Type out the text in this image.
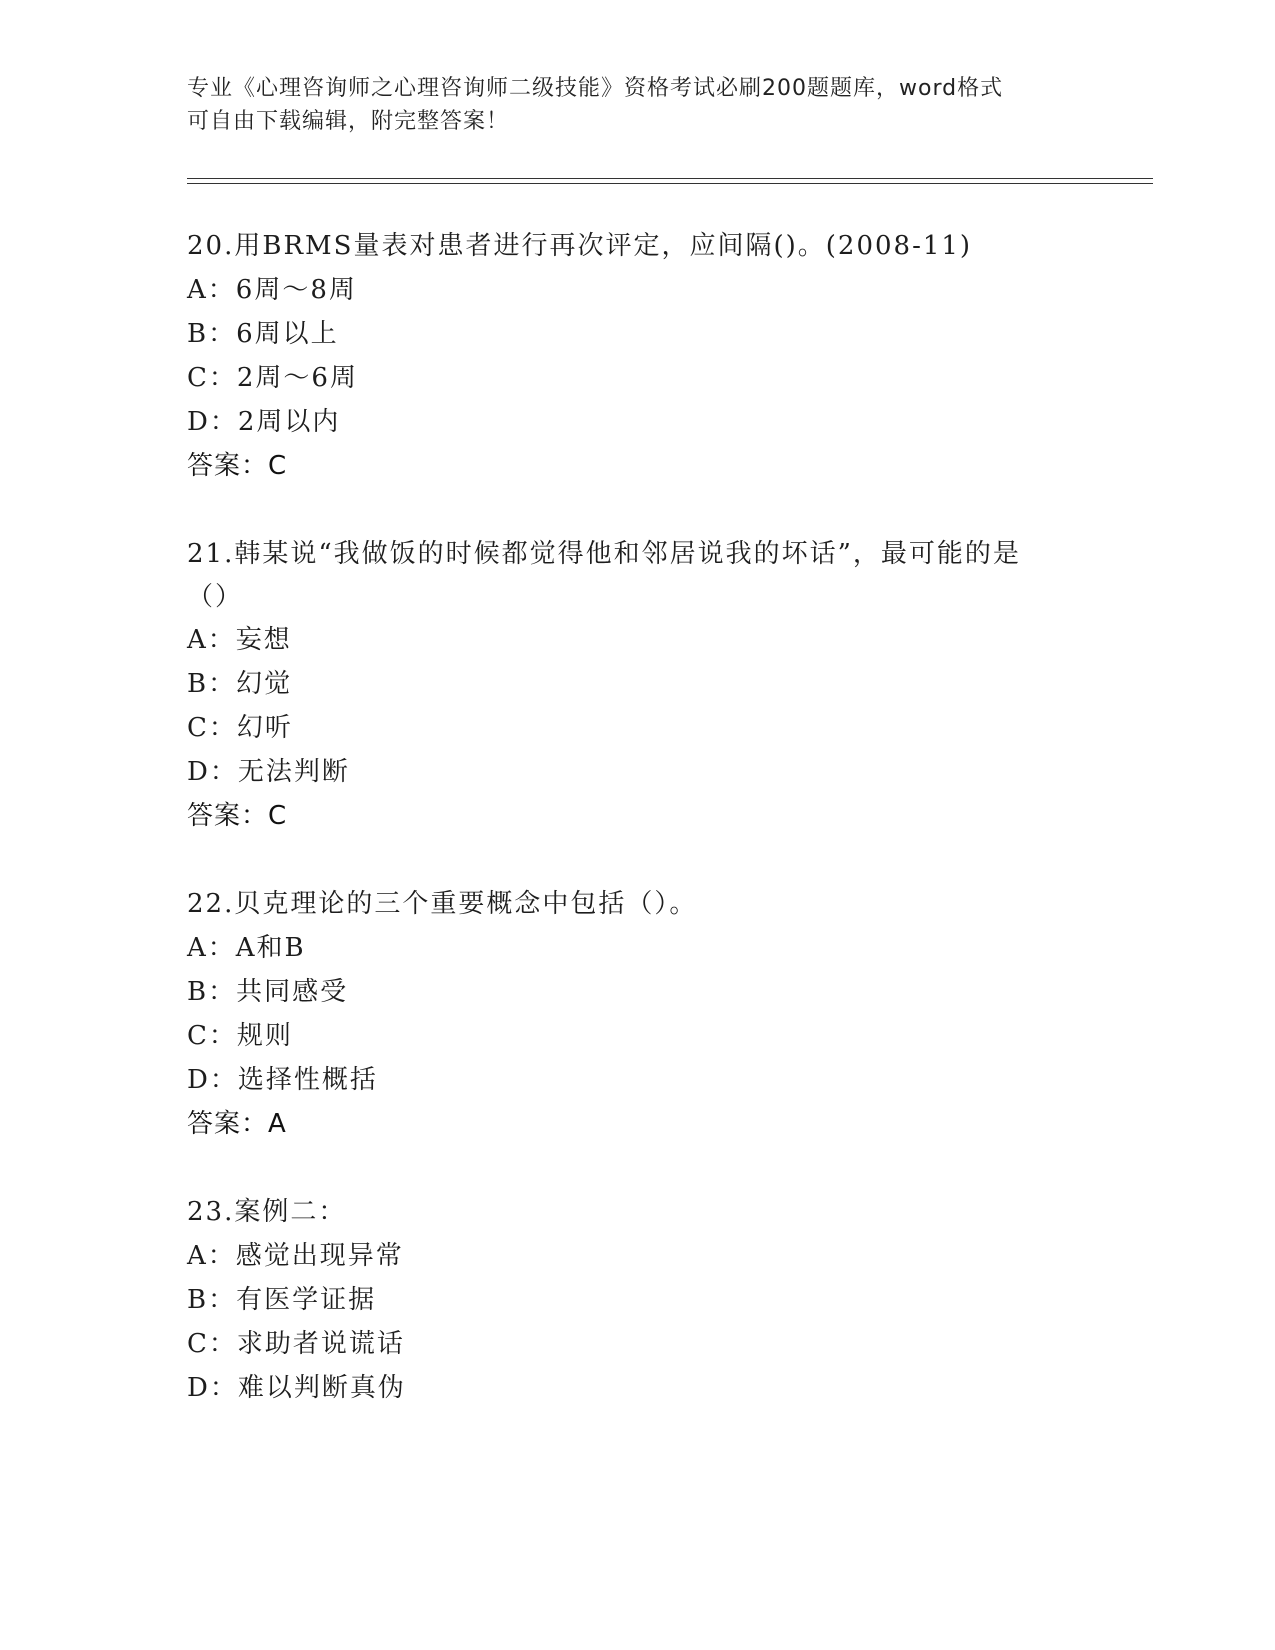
专业《心理咨询师之心理咨询师二级技能》资格考试必刷200题题库，word格式
可自由下载编辑，附完整答案！
20.用BRMS量表对患者进行再次评定，应间隔()。(2008-11)
A：6周～8周
B：6周以上
C：2周～6周
D：2周以内
答案：C
21.韩某说“我做饭的时候都觉得他和邻居说我的坏话”，最可能的是
（）
A：妄想
B：幻觉
C：幻听
D：无法判断
答案：C
22.贝克理论的三个重要概念中包括（）。
A：A和B
B：共同感受
C：规则
D：选择性概括
答案：A
23.案例二：
A：感觉出现异常
B：有医学证据
C：求助者说谎话
D：难以判断真伪
